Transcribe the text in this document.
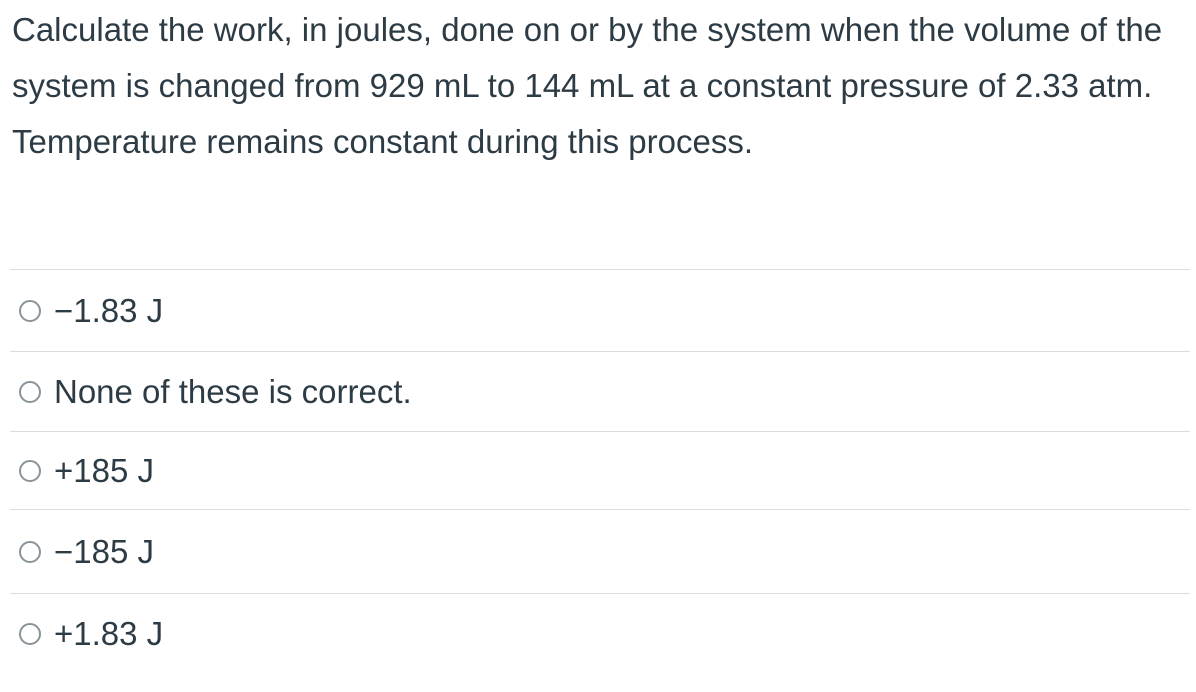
Calculate the work, in joules, done on or by the system when the volume of the system is changed from 929 mL to 144 mL at a constant pressure of 2.33 atm. Temperature remains constant during this process.
−1.83 J
None of these is correct.
+185 J
−185 J
+1.83 J
